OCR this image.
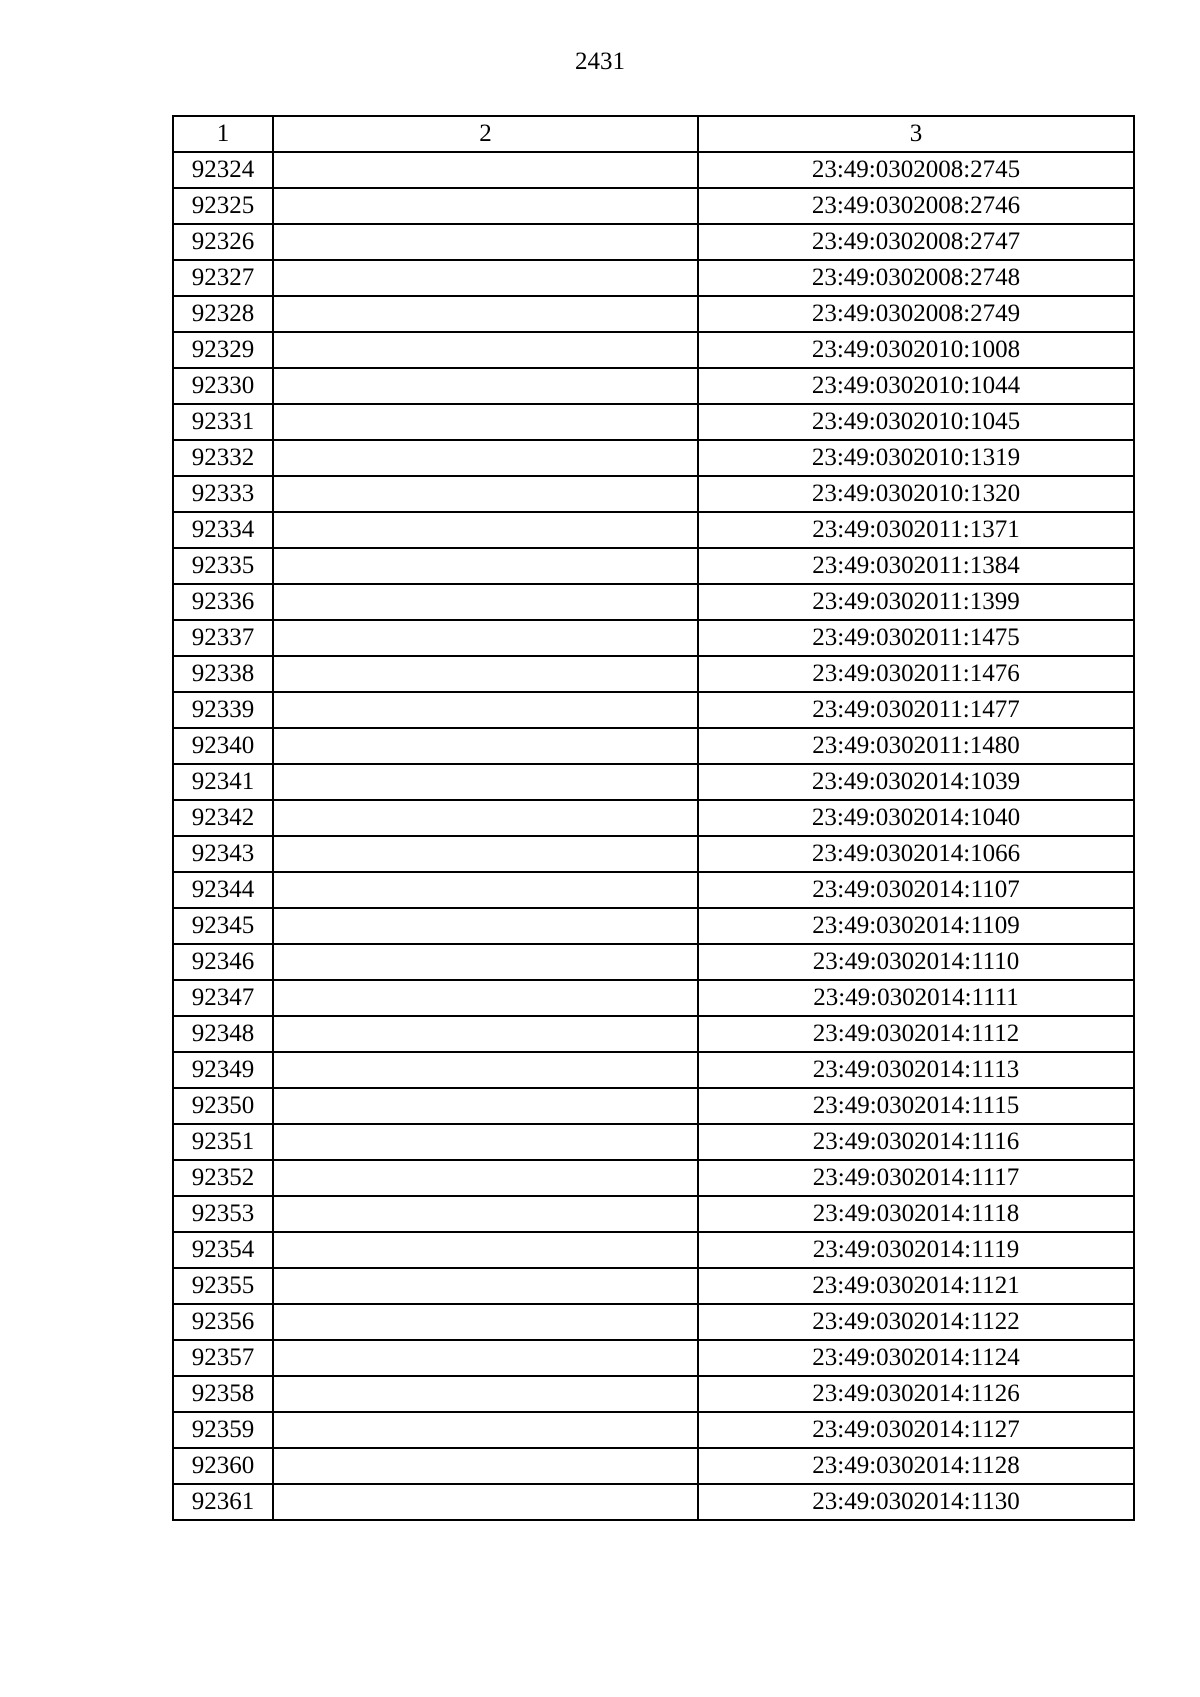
2431
1	2	3
92324		23:49:0302008:2745
92325		23:49:0302008:2746
92326		23:49:0302008:2747
92327		23:49:0302008:2748
92328		23:49:0302008:2749
92329		23:49:0302010:1008
92330		23:49:0302010:1044
92331		23:49:0302010:1045
92332		23:49:0302010:1319
92333		23:49:0302010:1320
92334		23:49:0302011:1371
92335		23:49:0302011:1384
92336		23:49:0302011:1399
92337		23:49:0302011:1475
92338		23:49:0302011:1476
92339		23:49:0302011:1477
92340		23:49:0302011:1480
92341		23:49:0302014:1039
92342		23:49:0302014:1040
92343		23:49:0302014:1066
92344		23:49:0302014:1107
92345		23:49:0302014:1109
92346		23:49:0302014:1110
92347		23:49:0302014:1111
92348		23:49:0302014:1112
92349		23:49:0302014:1113
92350		23:49:0302014:1115
92351		23:49:0302014:1116
92352		23:49:0302014:1117
92353		23:49:0302014:1118
92354		23:49:0302014:1119
92355		23:49:0302014:1121
92356		23:49:0302014:1122
92357		23:49:0302014:1124
92358		23:49:0302014:1126
92359		23:49:0302014:1127
92360		23:49:0302014:1128
92361		23:49:0302014:1130
